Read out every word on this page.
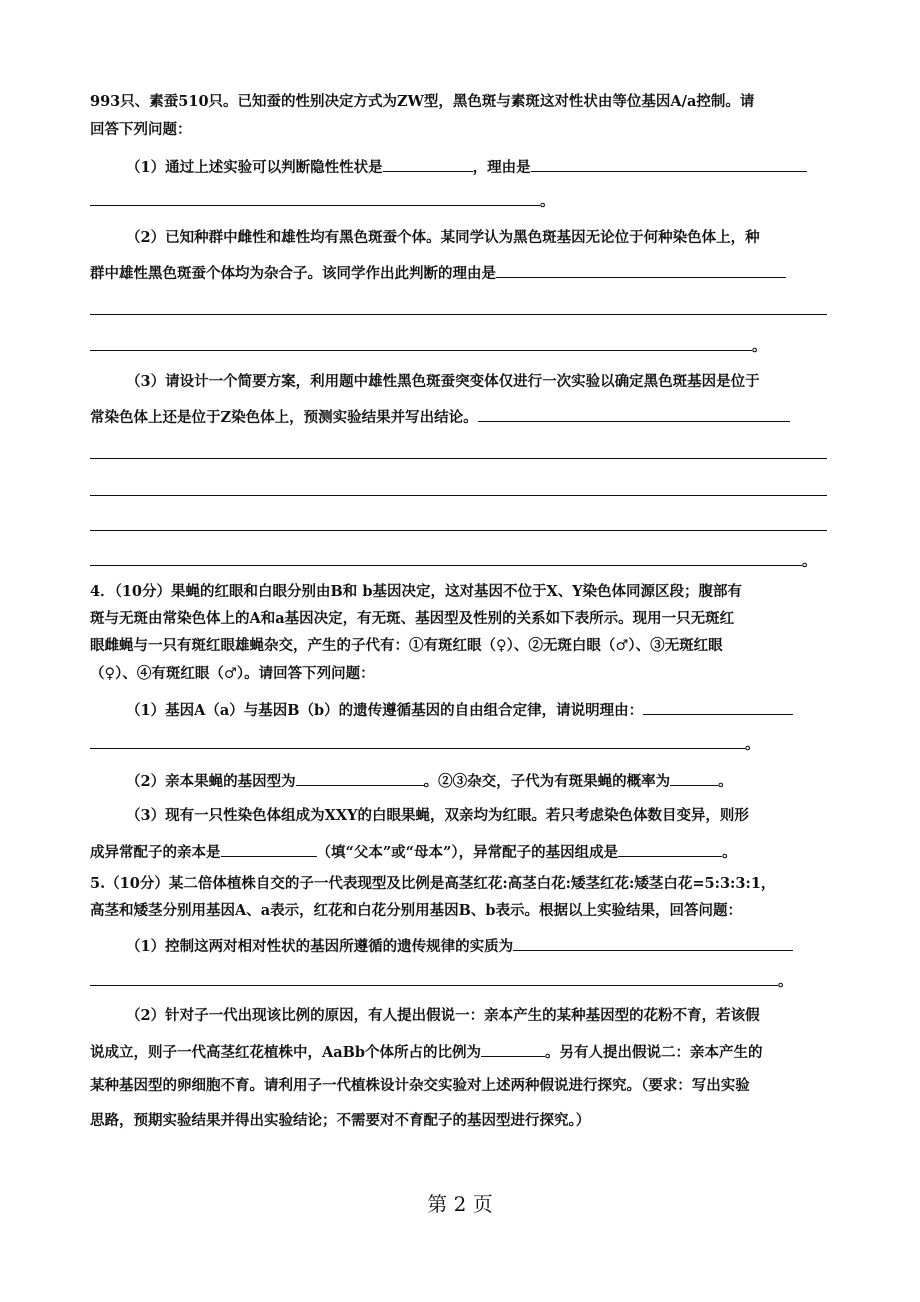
993只、素蚕510只。已知蚕的性别决定方式为ZW型，黑色斑与素斑这对性状由等位基因A/a控制。请
回答下列问题：
（1）通过上述实验可以判断隐性性状是	，理由是
。
（2）已知种群中雌性和雄性均有黑色斑蚕个体。某同学认为黑色斑基因无论位于何种染色体上，种
群中雄性黑色斑蚕个体均为杂合子。该同学作出此判断的理由是
。
（3）请设计一个简要方案，利用题中雄性黑色斑蚕突变体仅进行一次实验以确定黑色斑基因是位于
常染色体上还是位于Z染色体上，预测实验结果并写出结论。
。
4．（10分）果蝇的红眼和白眼分别由B和 b基因决定，这对基因不位于X、Y染色体同源区段；腹部有
斑与无斑由常染色体上的A和a基因决定，有无斑、基因型及性别的关系如下表所示。现用一只无斑红
眼雌蝇与一只有斑红眼雄蝇杂交，产生的子代有：①有斑红眼（♀）、②无斑白眼（♂）、③无斑红眼
（♀）、④有斑红眼（♂）。请回答下列问题：
（1）基因A（a）与基因B（b）的遗传遵循基因的自由组合定律，请说明理由：
。
（2）亲本果蝇的基因型为	。②③杂交，子代为有斑果蝇的概率为	。
（3）现有一只性染色体组成为XXY的白眼果蝇，双亲均为红眼。若只考虑染色体数目变异，则形
成异常配子的亲本是	（填“父本”或“母本”），异常配子的基因组成是	。
5.（10分）某二倍体植株自交的子一代表现型及比例是高茎红花:高茎白花:矮茎红花:矮茎白花=5:3:3:1，
高茎和矮茎分别用基因A、a表示，红花和白花分别用基因B、b表示。根据以上实验结果，回答问题：
（1）控制这两对相对性状的基因所遵循的遗传规律的实质为
。
（2）针对子一代出现该比例的原因，有人提出假说一：亲本产生的某种基因型的花粉不育，若该假
说成立，则子一代高茎红花植株中，AaBb个体所占的比例为	。另有人提出假说二：亲本产生的
某种基因型的卵细胞不育。请利用子一代植株设计杂交实验对上述两种假说进行探究。（要求：写出实验
思路，预期实验结果并得出实验结论；不需要对不育配子的基因型进行探究。）
第 2 页
